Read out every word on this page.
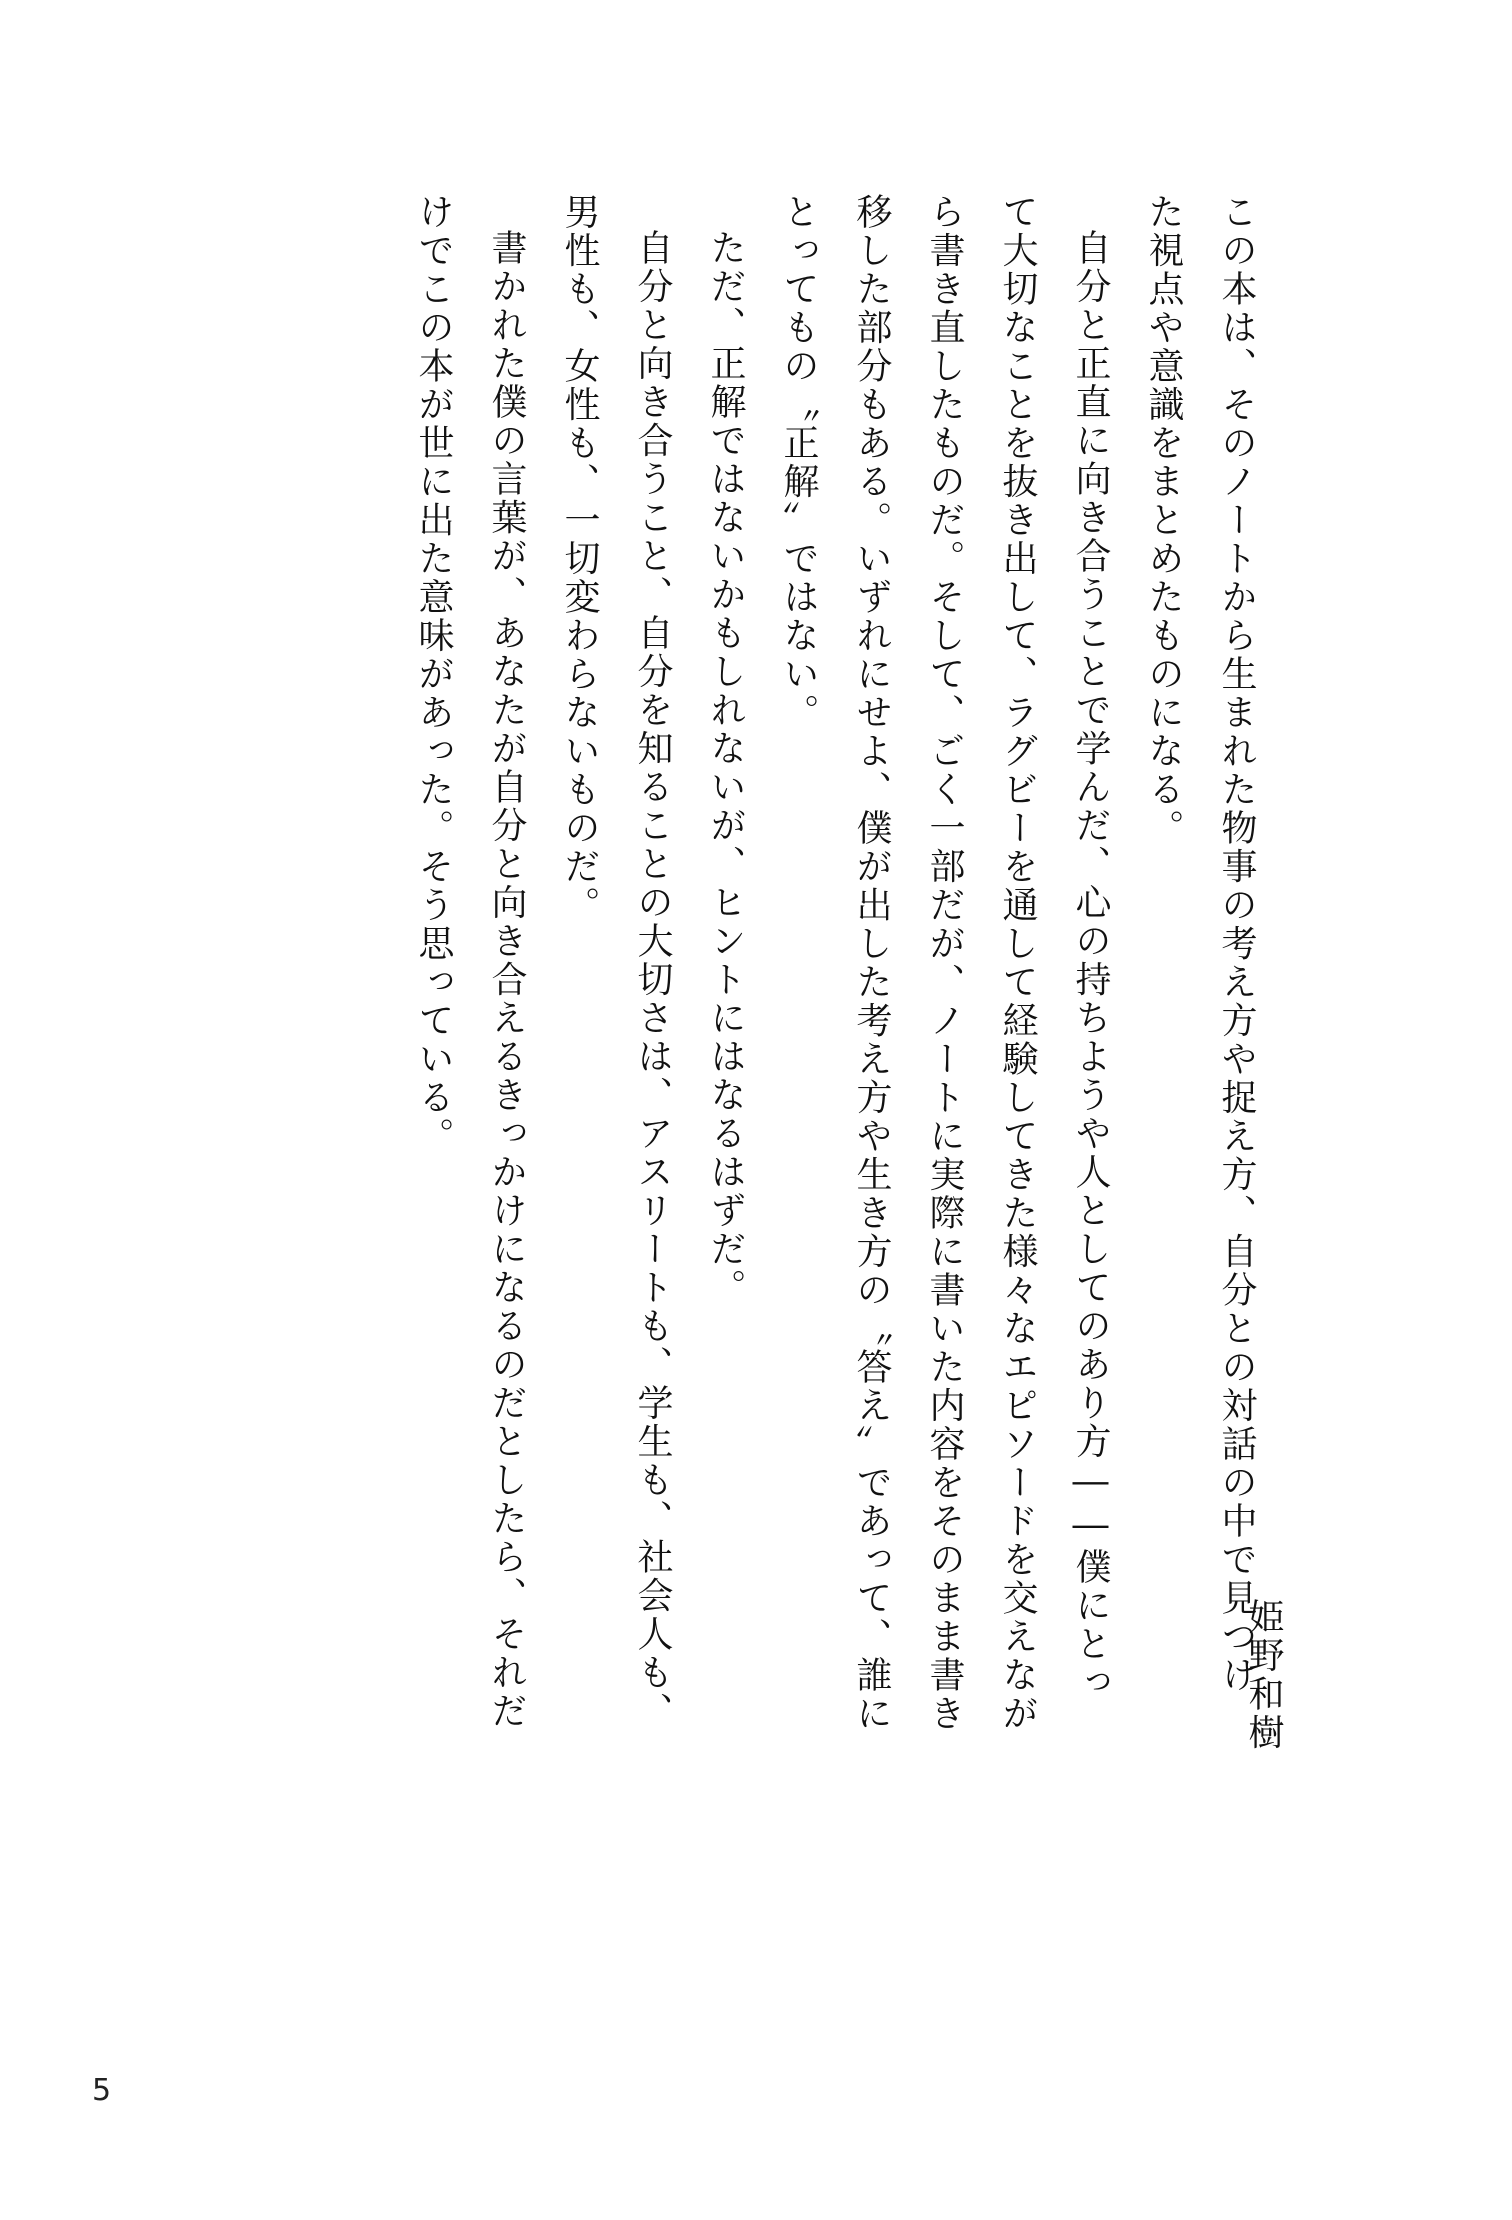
この本は、そのノートから生まれた物事の考え方や捉え方、自分との対話の中で見つけ

た視点や意識をまとめたものになる。

自分と正直に向き合うことで学んだ、心の持ちようや人としてのあり方――僕にとっ

て大切なことを抜き出して、ラグビーを通して経験してきた様々なエピソードを交えなが

ら書き直したものだ。そして、ごく一部だが、ノートに実際に書いた内容をそのまま書き

移した部分もある。いずれにせよ、僕が出した考え方や生き方の〝答え〟であって、誰に

とってもの〝正解〟ではない。

ただ、正解ではないかもしれないが、ヒントにはなるはずだ。

自分と向き合うこと、自分を知ることの大切さは、アスリートも、学生も、社会人も、

男性も、女性も、一切変わらないものだ。

書かれた僕の言葉が、あなたが自分と向き合えるきっかけになるのだとしたら、それだ

けでこの本が世に出た意味があった。そう思っている。

姫野和樹
5
